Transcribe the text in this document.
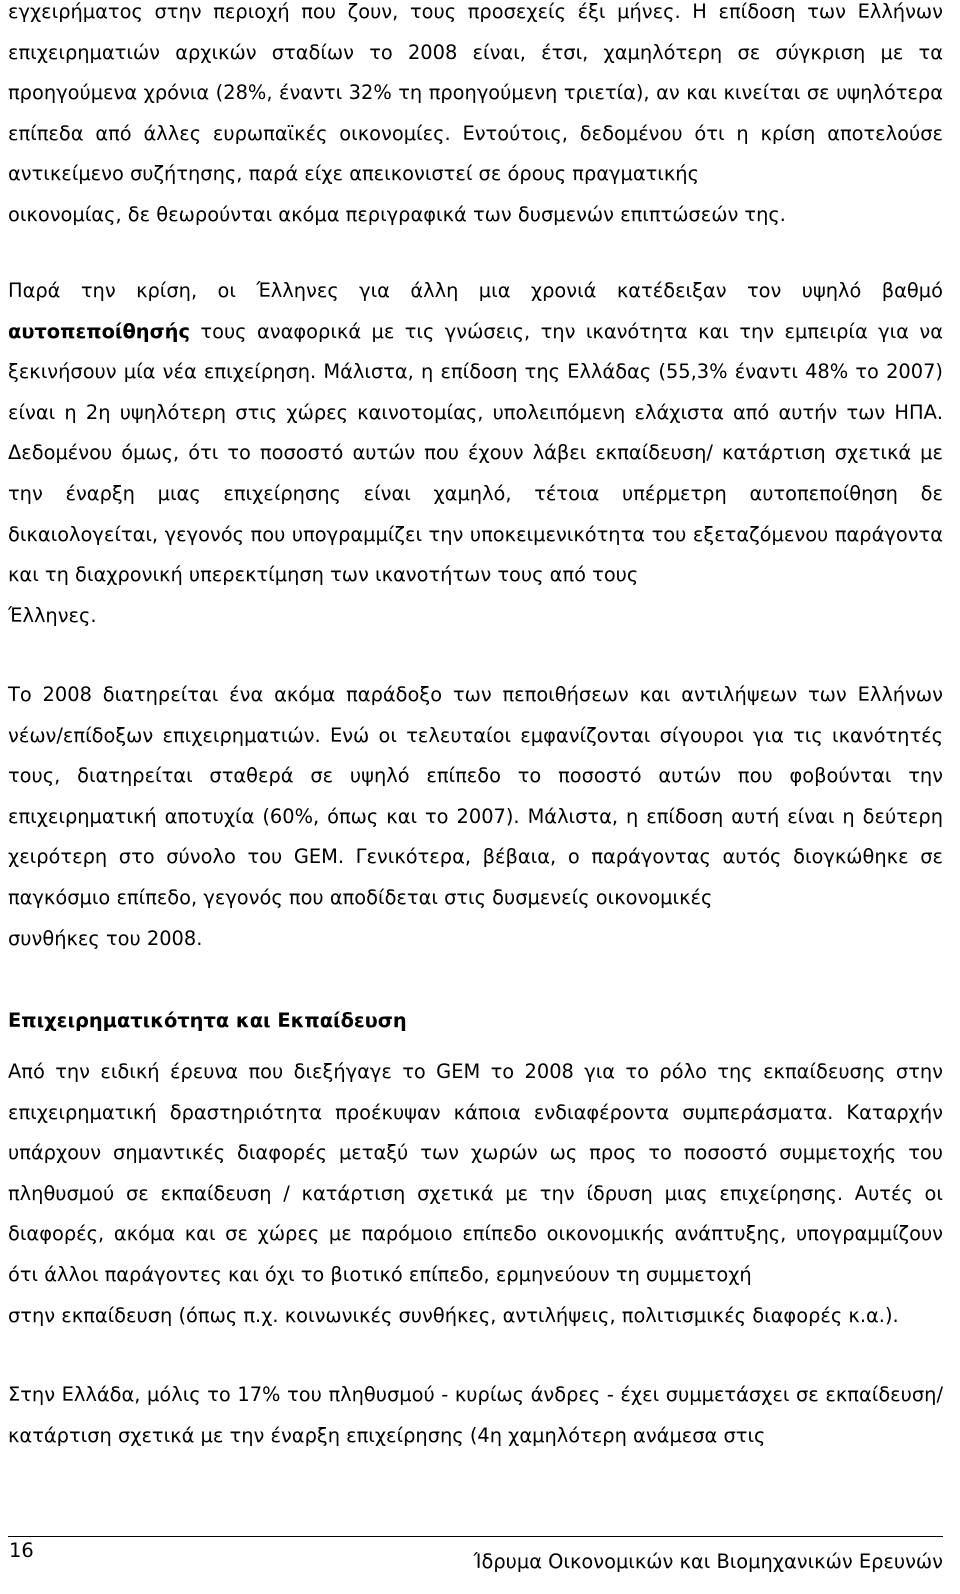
εγχειρήματος στην περιοχή που ζουν, τους προσεχείς έξι μήνες. Η επίδοση των Ελλήνων επιχειρηματιών αρχικών σταδίων το 2008 είναι, έτσι, χαμηλότερη σε σύγκριση με τα προηγούμενα χρόνια (28%, έναντι 32% τη προηγούμενη τριετία), αν και κινείται σε υψηλότερα επίπεδα από άλλες ευρωπαϊκές οικονομίες. Εντούτοις, δεδομένου ότι η κρίση αποτελούσε αντικείμενο συζήτησης, παρά είχε απεικονιστεί σε όρους πραγματικής
οικονομίας, δε θεωρούνται ακόμα περιγραφικά των δυσμενών επιπτώσεών της.

Παρά την κρίση, οι Έλληνες για άλλη μια χρονιά κατέδειξαν τον υψηλό βαθμό αυτοπεποίθησής τους αναφορικά με τις γνώσεις, την ικανότητα και την εμπειρία για να ξεκινήσουν μία νέα επιχείρηση. Μάλιστα, η επίδοση της Ελλάδας (55,3% έναντι 48% το 2007) είναι η 2η υψηλότερη στις χώρες καινοτομίας, υπολειπόμενη ελάχιστα από αυτήν των ΗΠΑ. Δεδομένου όμως, ότι το ποσοστό αυτών που έχουν λάβει εκπαίδευση/ κατάρτιση σχετικά με την έναρξη μιας επιχείρησης είναι χαμηλό, τέτοια υπέρμετρη αυτοπεποίθηση δε δικαιολογείται, γεγονός που υπογραμμίζει την υποκειμενικότητα του εξεταζόμενου παράγοντα και τη διαχρονική υπερεκτίμηση των ικανοτήτων τους από τους
Έλληνες.

Το 2008 διατηρείται ένα ακόμα παράδοξο των πεποιθήσεων και αντιλήψεων των Ελλήνων νέων/επίδοξων επιχειρηματιών. Ενώ οι τελευταίοι εμφανίζονται σίγουροι για τις ικανότητές τους, διατηρείται σταθερά σε υψηλό επίπεδο το ποσοστό αυτών που φοβούνται την επιχειρηματική αποτυχία (60%, όπως και το 2007). Μάλιστα, η επίδοση αυτή είναι η δεύτερη χειρότερη στο σύνολο του GEM. Γενικότερα, βέβαια, ο παράγοντας αυτός διογκώθηκε σε παγκόσμιο επίπεδο, γεγονός που αποδίδεται στις δυσμενείς οικονομικές
συνθήκες του 2008.

Επιχειρηματικότητα και Εκπαίδευση

Από την ειδική έρευνα που διεξήγαγε το GEM το 2008 για το ρόλο της εκπαίδευσης στην επιχειρηματική δραστηριότητα προέκυψαν κάποια ενδιαφέροντα συμπεράσματα. Καταρχήν υπάρχουν σημαντικές διαφορές μεταξύ των χωρών ως προς το ποσοστό συμμετοχής του πληθυσμού σε εκπαίδευση / κατάρτιση σχετικά με την ίδρυση μιας επιχείρησης. Αυτές οι διαφορές, ακόμα και σε χώρες με παρόμοιο επίπεδο οικονομικής ανάπτυξης, υπογραμμίζουν ότι άλλοι παράγοντες και όχι το βιοτικό επίπεδο, ερμηνεύουν τη συμμετοχή
στην εκπαίδευση (όπως π.χ. κοινωνικές συνθήκες, αντιλήψεις, πολιτισμικές διαφορές κ.α.).

Στην Ελλάδα, μόλις το 17% του πληθυσμού - κυρίως άνδρες - έχει συμμετάσχει σε εκπαίδευση/ κατάρτιση σχετικά με την έναρξη επιχείρησης (4η χαμηλότερη ανάμεσα στις

16	Ίδρυμα Οικονομικών και Βιομηχανικών Ερευνών
